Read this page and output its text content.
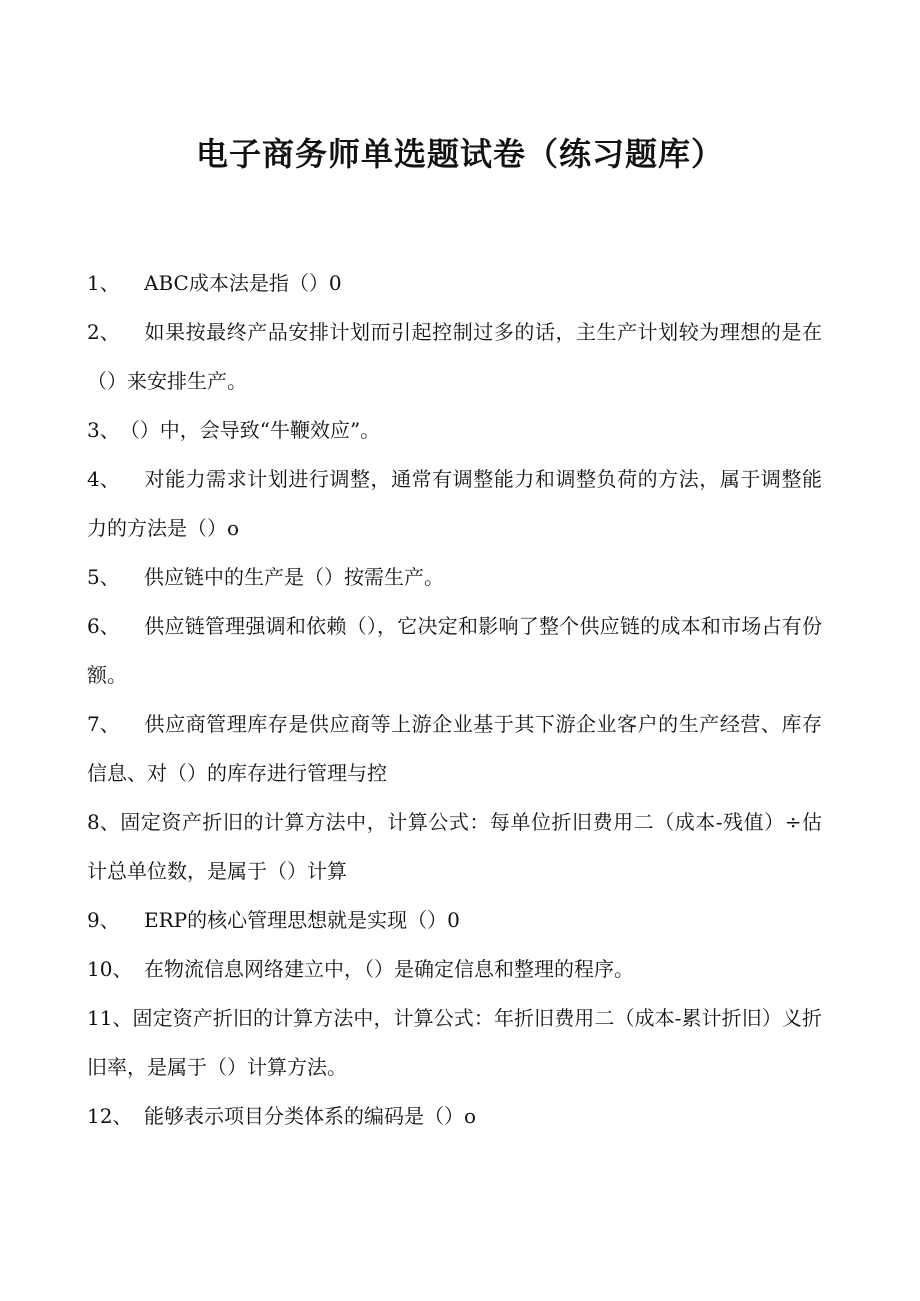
电子商务师单选题试卷（练习题库）
1、 ABC成本法是指（）0
2、 如果按最终产品安排计划而引起控制过多的话，主生产计划较为理想的是在（）来安排生产。
3、（）中，会导致“牛鞭效应”。
4、 对能力需求计划进行调整，通常有调整能力和调整负荷的方法，属于调整能力的方法是（）o
5、 供应链中的生产是（）按需生产。
6、 供应链管理强调和依赖（），它决定和影响了整个供应链的成本和市场占有份额。
7、 供应商管理库存是供应商等上游企业基于其下游企业客户的生产经营、库存信息、对（）的库存进行管理与控
8、固定资产折旧的计算方法中，计算公式：每单位折旧费用二（成本-残值）÷估计总单位数，是属于（）计算
9、 ERP的核心管理思想就是实现（）0
10、 在物流信息网络建立中，（）是确定信息和整理的程序。
11、固定资产折旧的计算方法中，计算公式：年折旧费用二（成本-累计折旧）义折旧率，是属于（）计算方法。
12、 能够表示项目分类体系的编码是（）o
